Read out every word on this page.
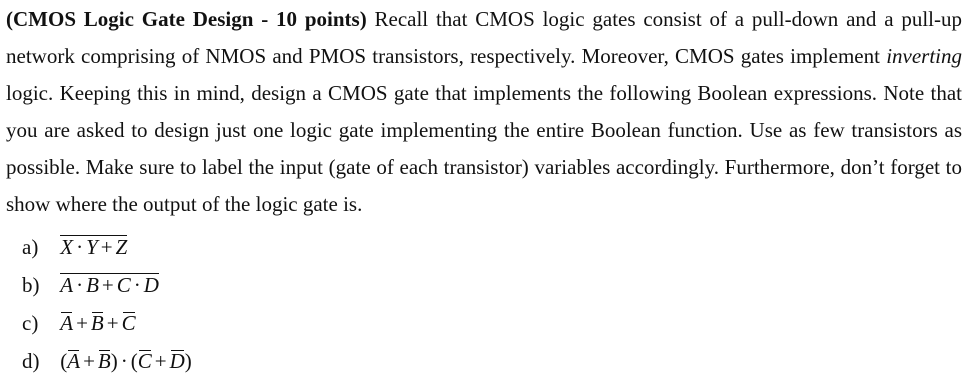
(CMOS Logic Gate Design - 10 points) Recall that CMOS logic gates consist of a pull-down and a pull-up network comprising of NMOS and PMOS transistors, respectively. Moreover, CMOS gates implement inverting logic. Keeping this in mind, design a CMOS gate that implements the following Boolean expressions. Note that you are asked to design just one logic gate implementing the entire Boolean function. Use as few transistors as possible. Make sure to label the input (gate of each transistor) variables accordingly. Furthermore, don’t forget to show where the output of the logic gate is.
a) X · Y + Z
b) A · B + C · D
c) A + B + C
d) (A + B) · (C + D)
